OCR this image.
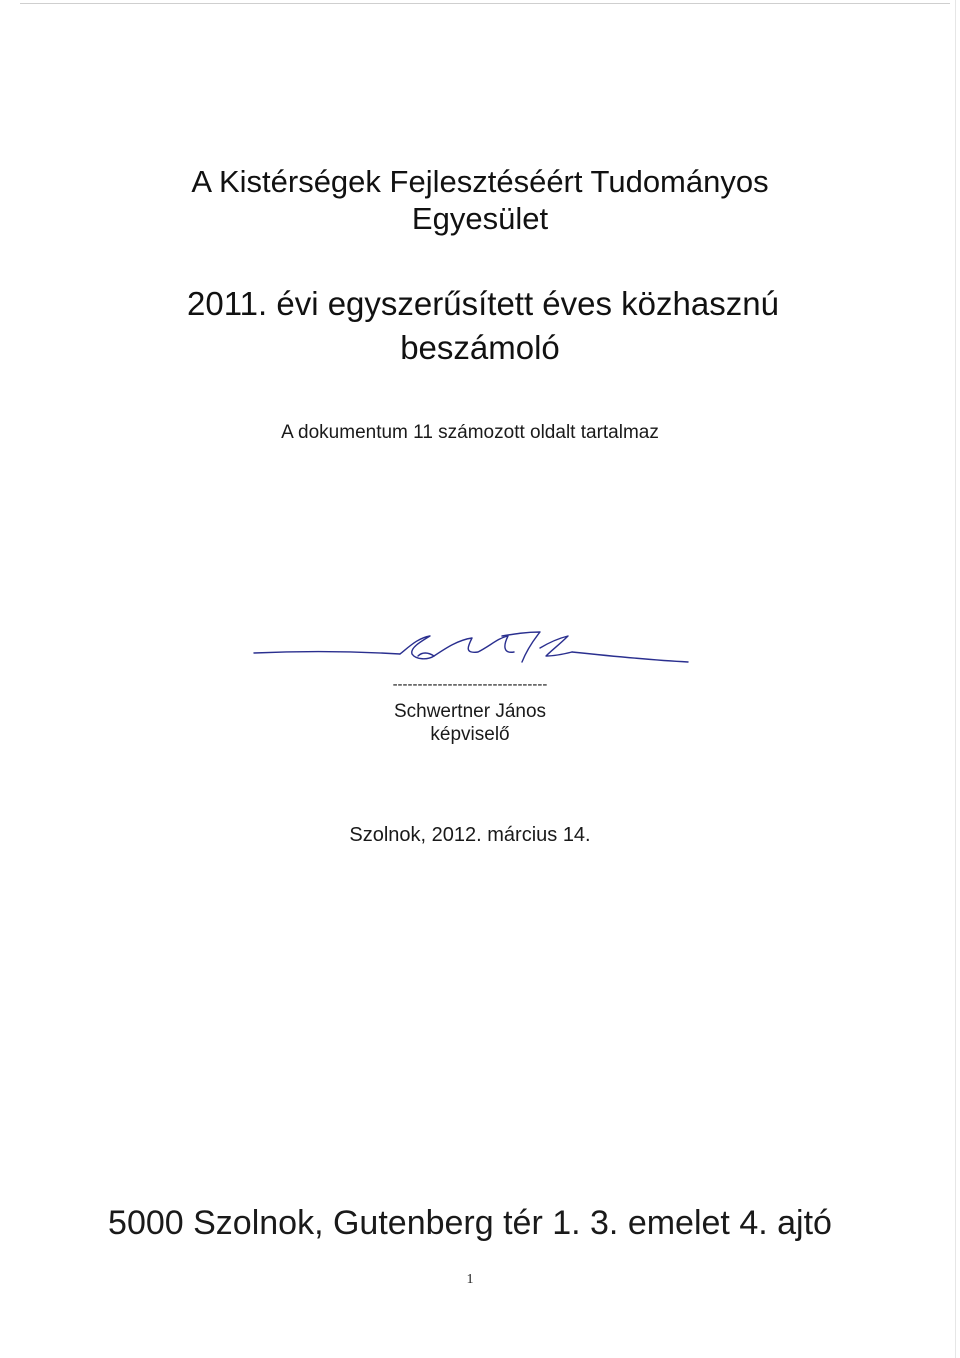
A Kistérségek Fejlesztéséért Tudományos
Egyesület
2011. évi egyszerűsített éves közhasznú
beszámoló
A dokumentum 11 számozott oldalt tartalmaz
-------------------------------
Schwertner János
képviselő
Szolnok, 2012. március 14.
5000 Szolnok, Gutenberg tér 1. 3. emelet 4. ajtó
1
